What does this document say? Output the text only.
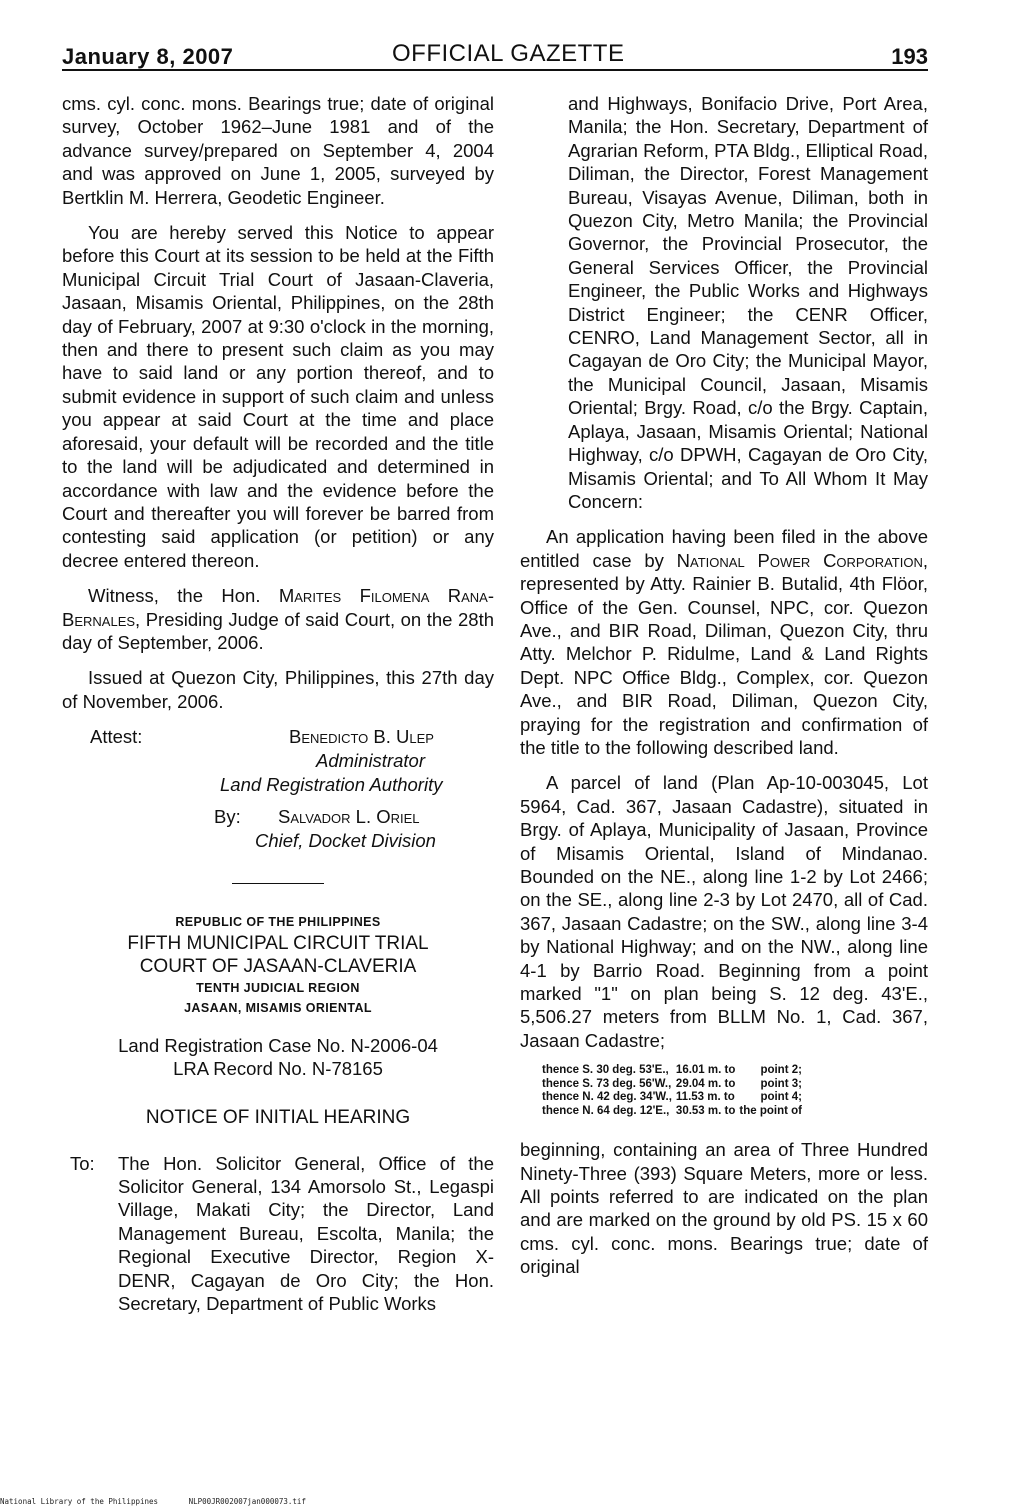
January 8, 2007	OFFICIAL GAZETTE	193

cms. cyl. conc. mons. Bearings true; date of original survey, October 1962–June 1981 and of the advance survey/prepared on September 4, 2004 and was approved on June 1, 2005, surveyed by Bertklin M. Herrera, Geodetic Engineer.

You are hereby served this Notice to appear before this Court at its session to be held at the Fifth Municipal Circuit Trial Court of Jasaan-Claveria, Jasaan, Misamis Oriental, Philippines, on the 28th day of February, 2007 at 9:30 o'clock in the morning, then and there to present such claim as you may have to said land or any portion thereof, and to submit evidence in support of such claim and unless you appear at said Court at the time and place aforesaid, your default will be recorded and the title to the land will be adjudicated and determined in accordance with law and the evidence before the Court and thereafter you will forever be barred from contesting said application (or petition) or any decree entered thereon.

Witness, the Hon. Marites Filomena Rana-Bernales, Presiding Judge of said Court, on the 28th day of September, 2006.

Issued at Quezon City, Philippines, this 27th day of November, 2006.

Attest:	Benedicto B. Ulep
Administrator
Land Registration Authority
By: Salvador L. Oriel
Chief, Docket Division
REPUBLIC OF THE PHILIPPINES
FIFTH MUNICIPAL CIRCUIT TRIAL
COURT OF JASAAN-CLAVERIA
TENTH JUDICIAL REGION
JASAAN, MISAMIS ORIENTAL
Land Registration Case No. N-2006-04
LRA Record No. N-78165
NOTICE OF INITIAL HEARING
To: The Hon. Solicitor General, Office of the Solicitor General, 134 Amorsolo St., Legaspi Village, Makati City; the Director, Land Management Bureau, Escolta, Manila; the Regional Executive Director, Region X-DENR, Cagayan de Oro City; the Hon. Secretary, Department of Public Works

and Highways, Bonifacio Drive, Port Area, Manila; the Hon. Secretary, Department of Agrarian Reform, PTA Bldg., Elliptical Road, Diliman, the Director, Forest Management Bureau, Visayas Avenue, Diliman, both in Quezon City, Metro Manila; the Provincial Governor, the Provincial Prosecutor, the General Services Officer, the Provincial Engineer, the Public Works and Highways District Engineer; the CENR Officer, CENRO, Land Management Sector, all in Cagayan de Oro City; the Municipal Mayor, the Municipal Council, Jasaan, Misamis Oriental; Brgy. Road, c/o the Brgy. Captain, Aplaya, Jasaan, Misamis Oriental; National Highway, c/o DPWH, Cagayan de Oro City, Misamis Oriental; and To All Whom It May Concern:

An application having been filed in the above entitled case by National Power Corporation, represented by Atty. Rainier B. Butalid, 4th Flöor, Office of the Gen. Counsel, NPC, cor. Quezon Ave., and BIR Road, Diliman, Quezon City, thru Atty. Melchor P. Ridulme, Land & Land Rights Dept. NPC Office Bldg., Complex, cor. Quezon Ave., and BIR Road, Diliman, Quezon City, praying for the registration and confirmation of the title to the following described land.

A parcel of land (Plan Ap-10-003045, Lot 5964, Cad. 367, Jasaan Cadastre), situated in Brgy. of Aplaya, Municipality of Jasaan, Province of Misamis Oriental, Island of Mindanao. Bounded on the NE., along line 1-2 by Lot 2466; on the SE., along line 2-3 by Lot 2470, all of Cad. 367, Jasaan Cadastre; on the SW., along line 3-4 by National Highway; and on the NW., along line 4-1 by Barrio Road. Beginning from a point marked "1" on plan being S. 12 deg. 43'E., 5,506.27 meters from BLLM No. 1, Cad. 367, Jasaan Cadastre;

thence S. 30 deg. 53'E.,	16.01 m. to	point 2;
thence S. 73 deg. 56'W.,	29.04 m. to	point 3;
thence N. 42 deg. 34'W.,	11.53 m. to	point 4;
thence N. 64 deg. 12'E.,	30.53 m. to	the point of

beginning, containing an area of Three Hundred Ninety-Three (393) Square Meters, more or less. All points referred to are indicated on the plan and are marked on the ground by old PS. 15 x 60 cms. cyl. conc. mons. Bearings true; date of original

National Library of the Philippines	NLP00JR002007jan000073.tif
